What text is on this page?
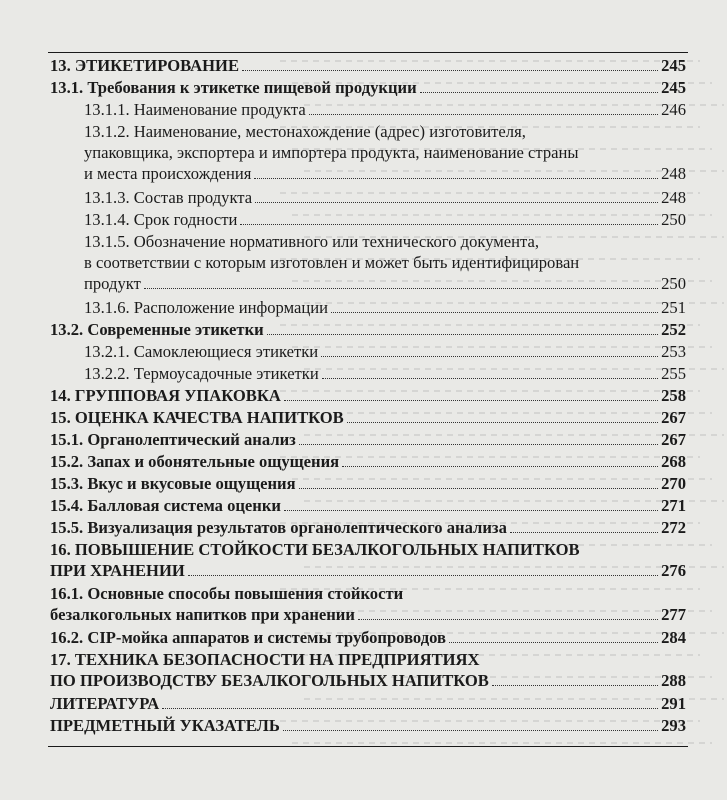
13. ЭТИКЕТИРОВАНИЕ	245
13.1. Требования к этикетке пищевой продукции	245
13.1.1. Наименование продукта	246
13.1.2. Наименование, местонахождение (адрес) изготовителя,
упаковщика, экспортера и импортера продукта, наименование страны
и места происхождения	248
13.1.3. Состав продукта	248
13.1.4. Срок годности	250
13.1.5. Обозначение нормативного или технического документа,
в соответствии с которым изготовлен и может быть идентифицирован
продукт	250
13.1.6. Расположение информации	251
13.2. Современные этикетки	252
13.2.1. Самоклеющиеся этикетки	253
13.2.2. Термоусадочные этикетки	255
14. ГРУППОВАЯ УПАКОВКА	258
15. ОЦЕНКА КАЧЕСТВА НАПИТКОВ	267
15.1. Органолептический анализ	267
15.2. Запах и обонятельные ощущения	268
15.3. Вкус и вкусовые ощущения	270
15.4. Балловая система оценки	271
15.5. Визуализация результатов органолептического анализа	272
16. ПОВЫШЕНИЕ СТОЙКОСТИ БЕЗАЛКОГОЛЬНЫХ НАПИТКОВ
ПРИ ХРАНЕНИИ	276
16.1. Основные способы повышения стойкости
безалкогольных напитков при хранении	277
16.2. CIP-мойка аппаратов и системы трубопроводов	284
17. ТЕХНИКА БЕЗОПАСНОСТИ НА ПРЕДПРИЯТИЯХ
ПО ПРОИЗВОДСТВУ БЕЗАЛКОГОЛЬНЫХ НАПИТКОВ	288
ЛИТЕРАТУРА	291
ПРЕДМЕТНЫЙ УКАЗАТЕЛЬ	293
